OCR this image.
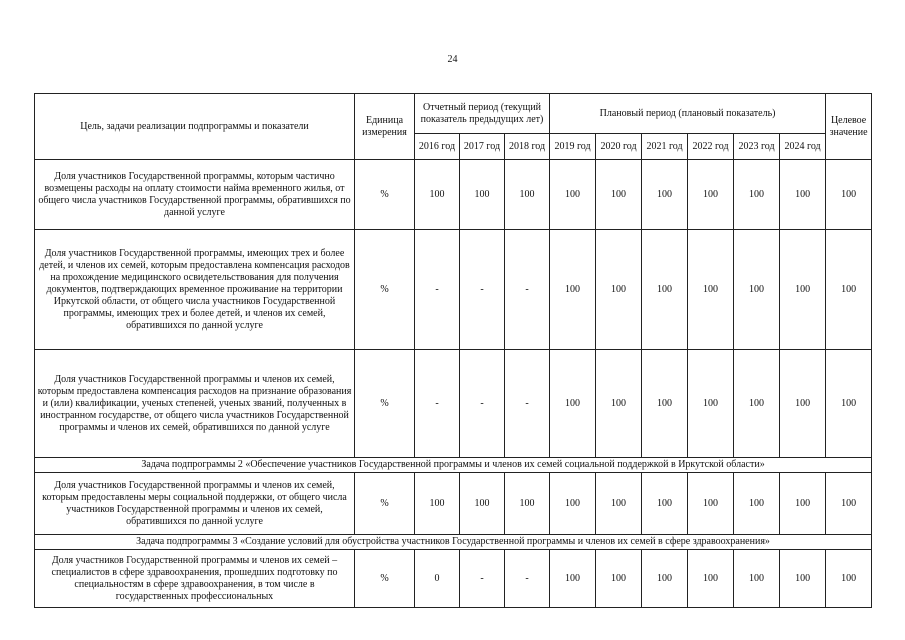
24
Цель, задачи реализации подпрограммы и показатели	Единица измерения	Отчетный период (текущий показатель предыдущих лет)			Плановый период (плановый показатель)						Целевое значение
		2016 год	2017 год	2018 год	2019 год	2020 год	2021 год	2022 год	2023 год	2024 год	
Доля участников Государственной программы, которым частично возмещены расходы на оплату стоимости найма временного жилья, от общего числа участников Государственной программы, обратившихся по данной услуге	%	100	100	100	100	100	100	100	100	100	100
Доля участников Государственной программы, имеющих трех и более детей, и членов их семей, которым предоставлена компенсация расходов на прохождение медицинского освидетельствования для получения документов, подтверждающих временное проживание на территории Иркутской области, от общего числа участников Государственной программы, имеющих трех и более детей, и членов их семей, обратившихся по данной услуге	%	-	-	-	100	100	100	100	100	100	100
Доля участников Государственной программы и членов их семей, которым предоставлена компенсация расходов на признание образования и (или) квалификации, ученых степеней, ученых званий, полученных в иностранном государстве, от общего числа участников Государственной программы и членов их семей, обратившихся по данной услуге	%	-	-	-	100	100	100	100	100	100	100
Задача подпрограммы 2 «Обеспечение участников Государственной программы и членов их семей социальной поддержкой в Иркутской области»											
Доля участников Государственной программы и членов их семей, которым предоставлены меры социальной поддержки, от общего числа участников Государственной программы и членов их семей, обратившихся по данной услуге	%	100	100	100	100	100	100	100	100	100	100
Задача подпрограммы 3 «Создание условий для обустройства участников Государственной программы и членов их семей в сфере здравоохранения»											
Доля участников Государственной программы и членов их семей – специалистов в сфере здравоохранения, прошедших подготовку по специальностям в сфере здравоохранения, в том числе в государственных профессиональных	%	0	-	-	100	100	100	100	100	100	100
